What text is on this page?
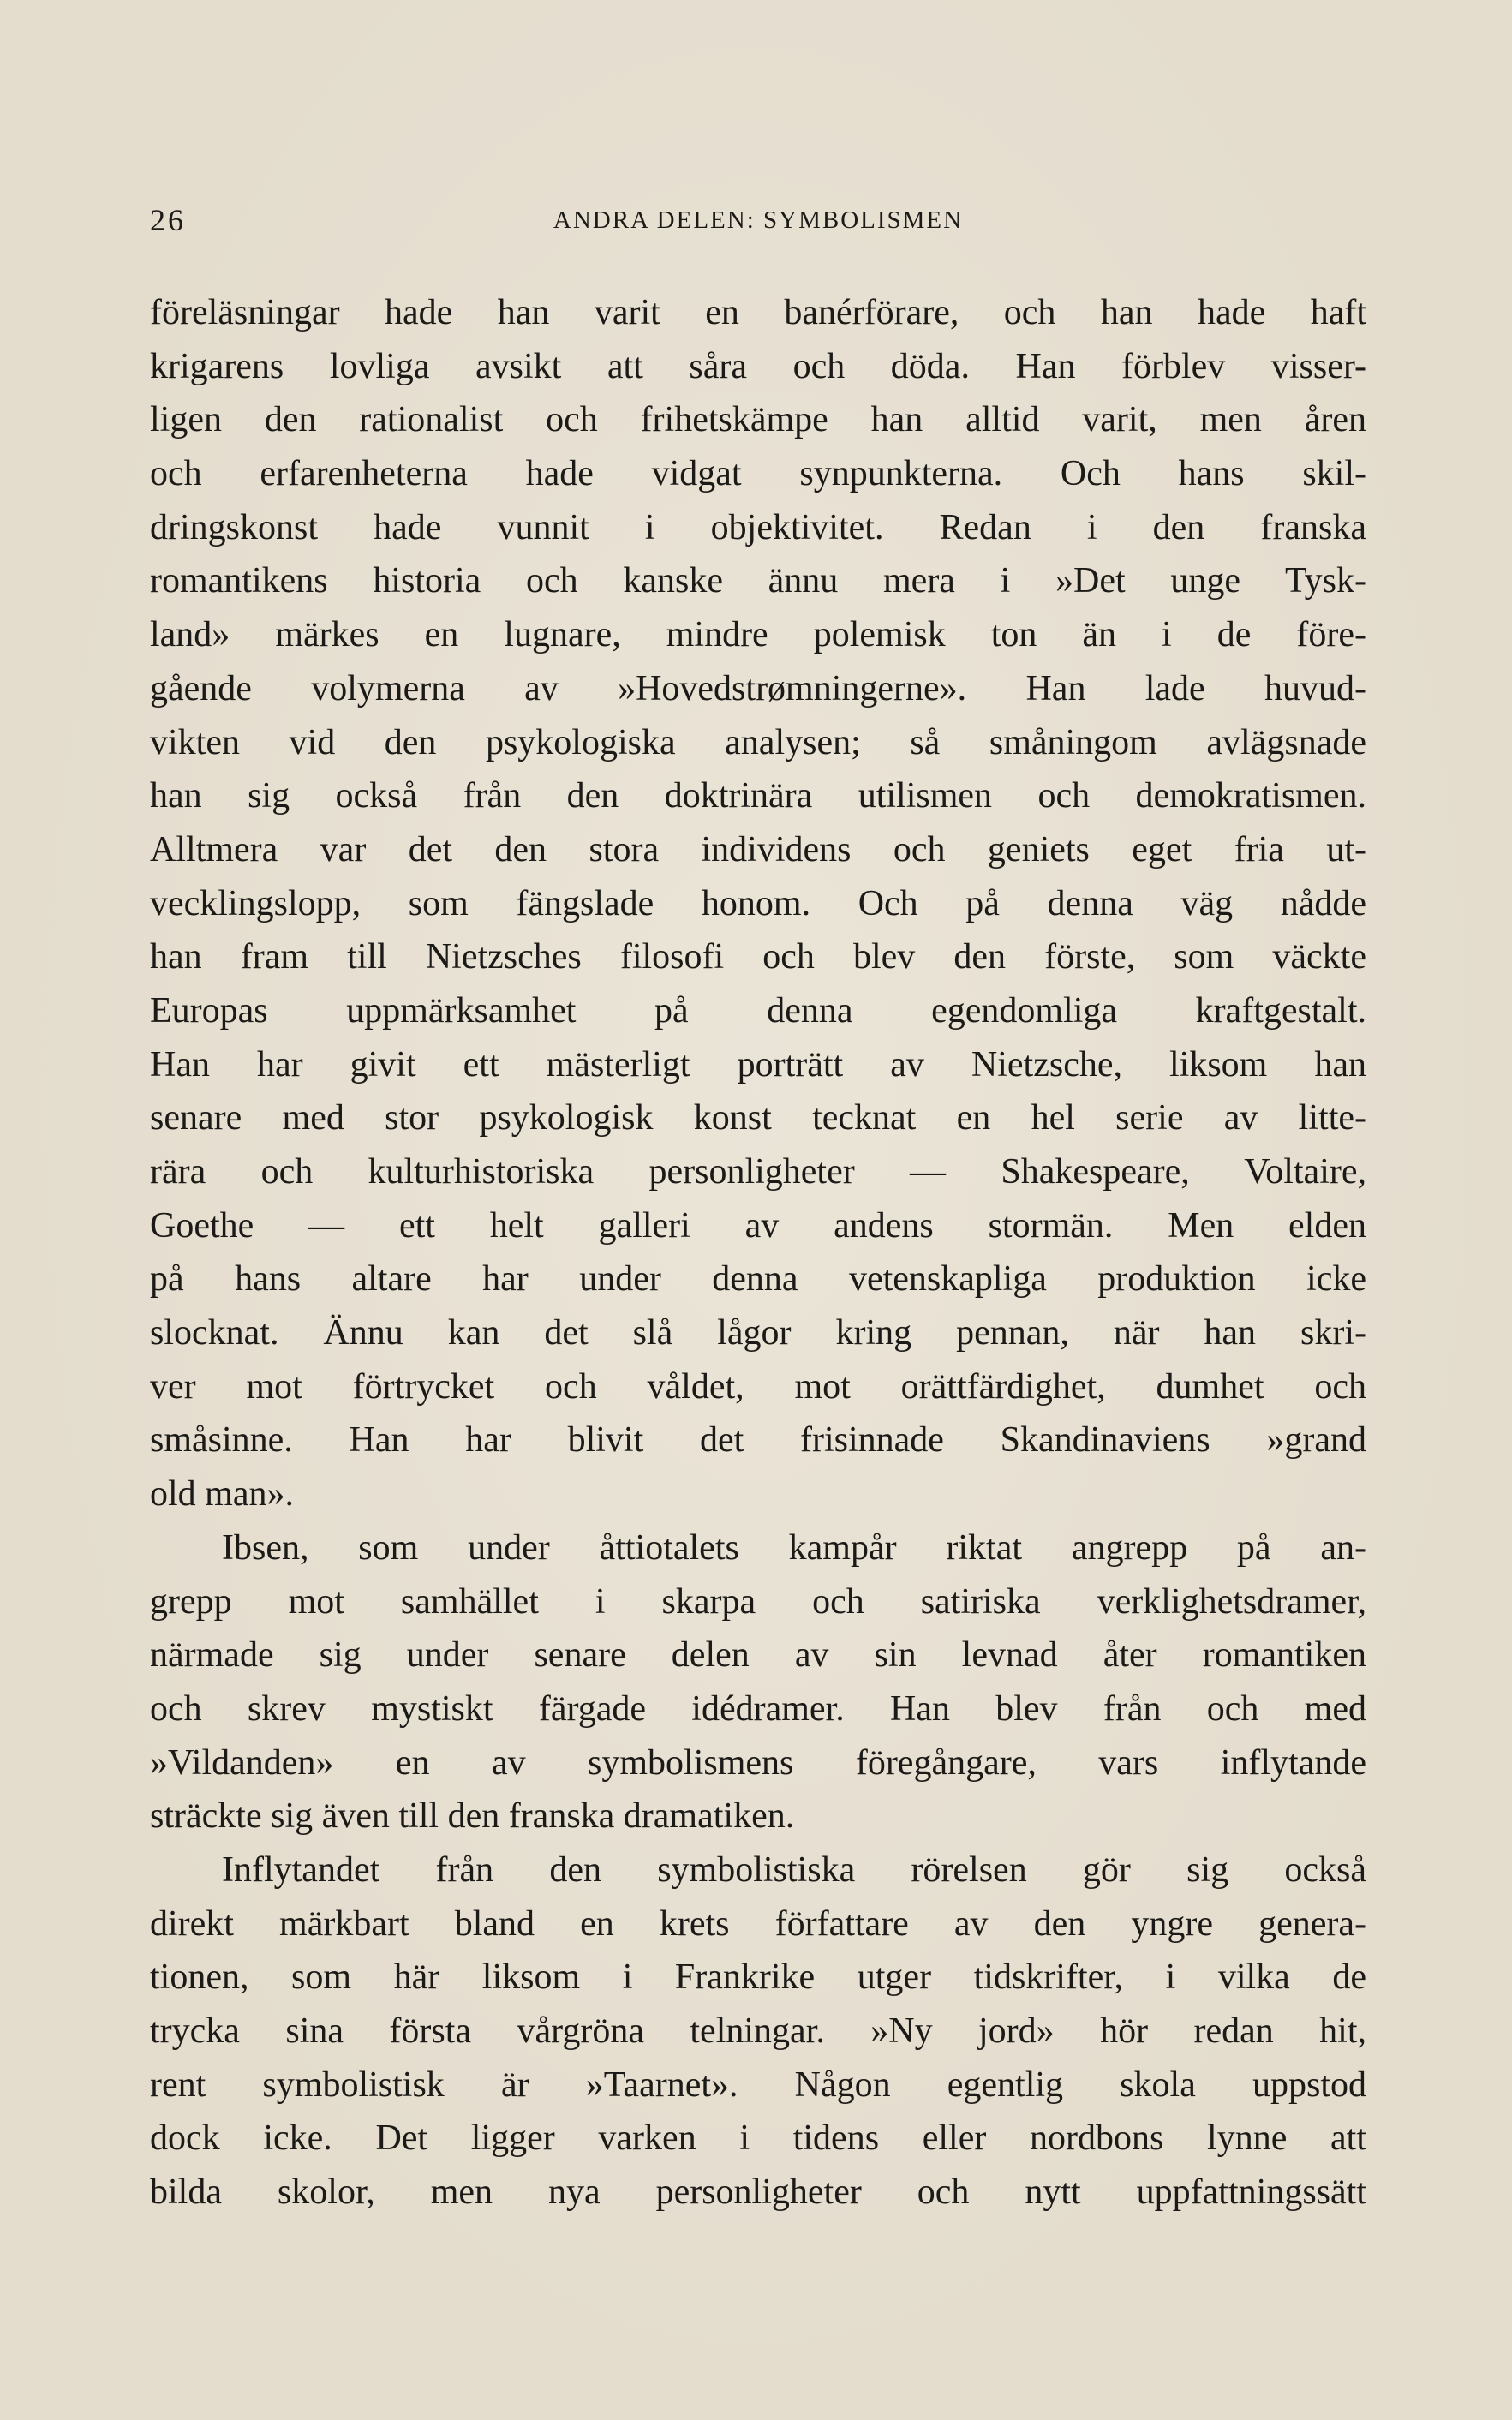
26	ANDRA DELEN: SYMBOLISMEN
föreläsningar hade han varit en banérförare, och han hade haft
krigarens lovliga avsikt att såra och döda. Han förblev visser-
ligen den rationalist och frihetskämpe han alltid varit, men åren
och erfarenheterna hade vidgat synpunkterna. Och hans skil-
dringskonst hade vunnit i objektivitet. Redan i den franska
romantikens historia och kanske ännu mera i »Det unge Tysk-
land» märkes en lugnare, mindre polemisk ton än i de före-
gående volymerna av »Hovedstrømningerne». Han lade huvud-
vikten vid den psykologiska analysen; så småningom avlägsnade
han sig också från den doktrinära utilismen och demokratismen.
Alltmera var det den stora individens och geniets eget fria ut-
vecklingslopp, som fängslade honom. Och på denna väg nådde
han fram till Nietzsches filosofi och blev den förste, som väckte
Europas uppmärksamhet på denna egendomliga kraftgestalt.
Han har givit ett mästerligt porträtt av Nietzsche, liksom han
senare med stor psykologisk konst tecknat en hel serie av litte-
rära och kulturhistoriska personligheter — Shakespeare, Voltaire,
Goethe — ett helt galleri av andens stormän. Men elden
på hans altare har under denna vetenskapliga produktion icke
slocknat. Ännu kan det slå lågor kring pennan, när han skri-
ver mot förtrycket och våldet, mot orättfärdighet, dumhet och
småsinne. Han har blivit det frisinnade Skandinaviens »grand
old man».
Ibsen, som under åttiotalets kampår riktat angrepp på an-
grepp mot samhället i skarpa och satiriska verklighetsdramer,
närmade sig under senare delen av sin levnad åter romantiken
och skrev mystiskt färgade idédramer. Han blev från och med
»Vildanden» en av symbolismens föregångare, vars inflytande
sträckte sig även till den franska dramatiken.
Inflytandet från den symbolistiska rörelsen gör sig också
direkt märkbart bland en krets författare av den yngre genera-
tionen, som här liksom i Frankrike utger tidskrifter, i vilka de
trycka sina första vårgröna telningar. »Ny jord» hör redan hit,
rent symbolistisk är »Taarnet». Någon egentlig skola uppstod
dock icke. Det ligger varken i tidens eller nordbons lynne att
bilda skolor, men nya personligheter och nytt uppfattningssätt
